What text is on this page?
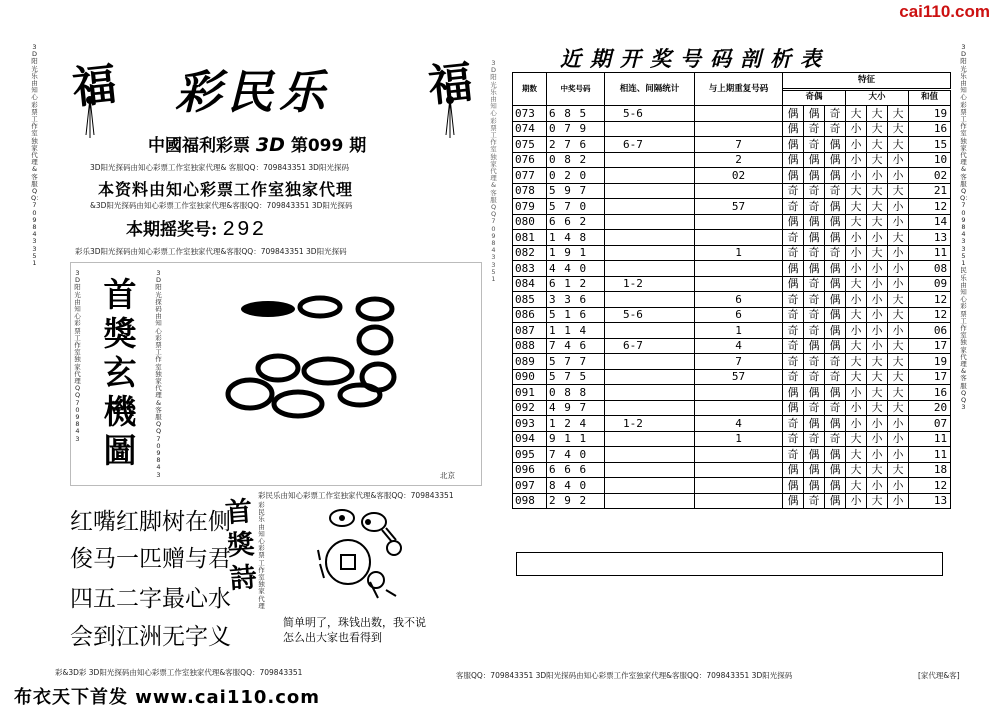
cai110.com
3D阳光乐由知心彩票工作室独家代理&客服QQ：709843351
福 彩民乐 福
中國福利彩票 3D 第099 期
3D阳光探码由知心彩票工作室独家代理& 客服QQ：709843351 3D阳光探码
本资料由知心彩票工作室独家代理
&3D阳光探码由知心彩票工作室独家代理&客服QQ：709843351 3D阳光探码
本期摇奖号: 292
彩乐3D阳光探码由知心彩票工作室独家代理&客服QQ：709843351 3D阳光探码
3D阳光由知心彩票工作室独家代理QQ709843
3D阳光探码由知心彩票工作室独家代理&客服QQ709843
首
獎
玄
機
圖
北京
红嘴红脚树在侧
俊马一匹赠与君
四五二字最心水
会到江洲无字义
彩民乐由知心彩票工作室独家代理&客服QQ：709843351
彩民乐由知心彩票工作室独家代理
首
獎
詩
简单明了，珠钱出数，我不说
怎么出大家也看得到
3D阳光乐由知心彩票工作室独家代理&客服QQ709843351
彩&3D彩 3D阳光探码由知心彩票工作室独家代理&客服QQ：709843351	客服QQ：709843351 3D阳光探码由知心彩票工作室独家代理&客服QQ：709843351 3D阳光探码	[家代理&客]
布衣天下首发 www.cai110.com
近期开奖号码剖析表	3D阳光乐由知心彩票工作室独家代理&客服QQ：709843351民乐由知心彩票工作室独家代理&客服QQ3
期数	中奖号码	相连、间隔统计	与上期重复号码	特征						

				奇偶			大小			和值
073	6 8 5	5-6		偶	偶	奇	大	大	大	19
074	0 7 9			偶	奇	奇	小	大	大	16
075	2 7 6	6-7	7	偶	奇	偶	小	大	大	15
076	0 8 2		2	偶	偶	偶	小	大	小	10
077	0 2 0		02	偶	偶	偶	小	小	小	02
078	5 9 7			奇	奇	奇	大	大	大	21
079	5 7 0		57	奇	奇	偶	大	大	小	12
080	6 6 2			偶	偶	偶	大	大	小	14
081	1 4 8			奇	偶	偶	小	小	大	13
082	1 9 1		1	奇	奇	奇	小	大	小	11
083	4 4 0			偶	偶	偶	小	小	小	08
084	6 1 2	1-2		偶	奇	偶	大	小	小	09
085	3 3 6		6	奇	奇	偶	小	小	大	12
086	5 1 6	5-6	6	奇	奇	偶	大	小	大	12
087	1 1 4		1	奇	奇	偶	小	小	小	06
088	7 4 6	6-7	4	奇	偶	偶	大	小	大	17
089	5 7 7		7	奇	奇	奇	大	大	大	19
090	5 7 5		57	奇	奇	奇	大	大	大	17
091	0 8 8			偶	偶	偶	小	大	大	16
092	4 9 7			偶	奇	奇	小	大	大	20
093	1 2 4	1-2	4	奇	偶	偶	小	小	小	07
094	9 1 1		1	奇	奇	奇	大	小	小	11
095	7 4 0			奇	偶	偶	大	小	小	11
096	6 6 6			偶	偶	偶	大	大	大	18
097	8 4 0			偶	偶	偶	大	小	小	12
098	2 9 2			偶	奇	偶	小	大	小	13
